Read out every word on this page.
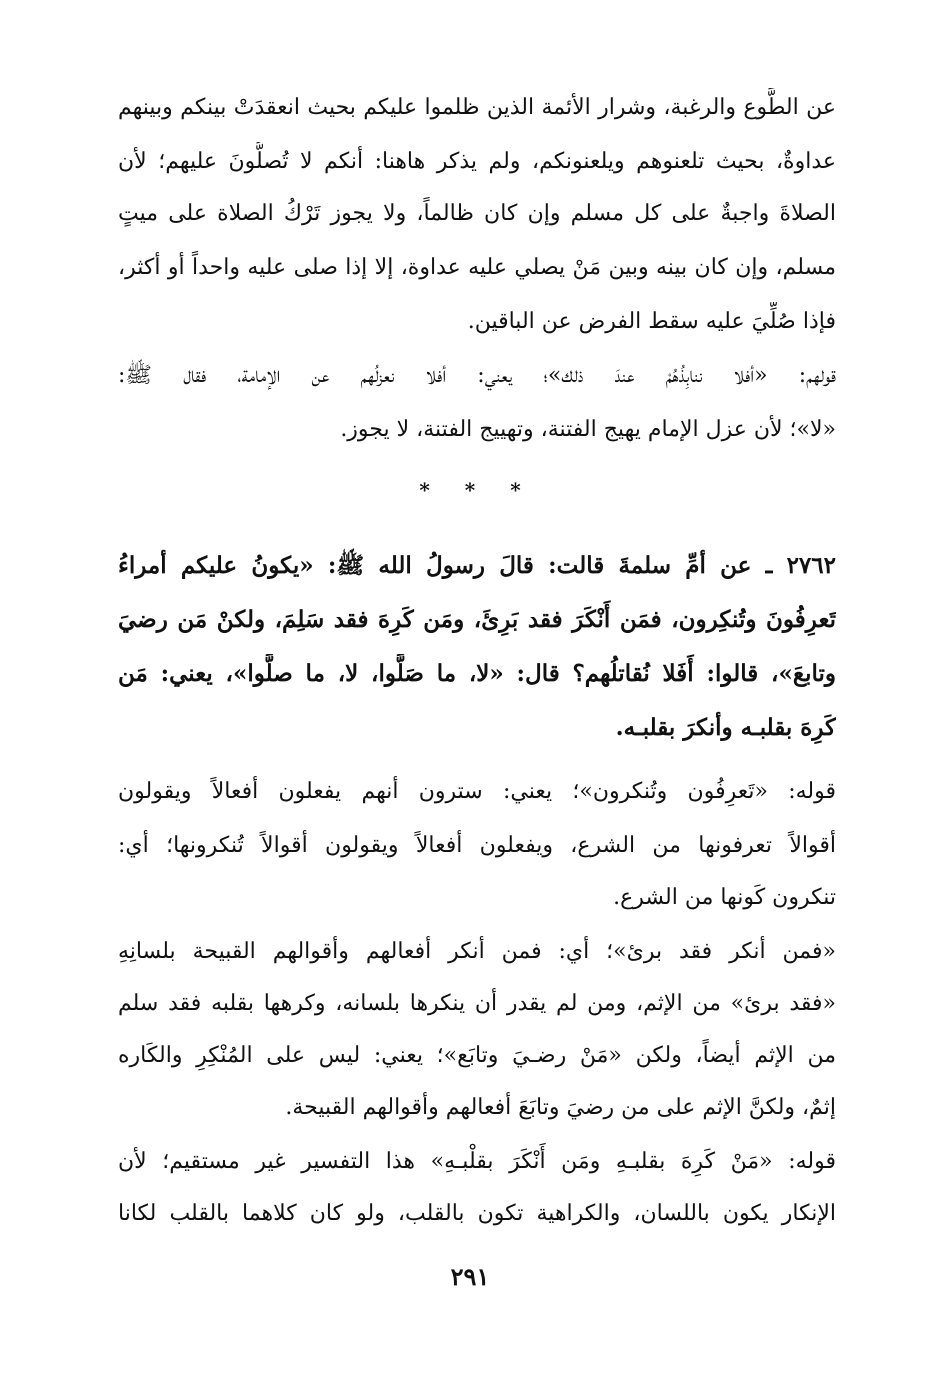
عن الطَّوع والرغبة، وشرار الأئمة الذين ظلموا عليكم بحيث انعقدَتْ بينكم وبينهم
عداوةٌ، بحيث تلعنوهم ويلعنونكم، ولم يذكر هاهنا: أنكم لا تُصلُّونَ عليهم؛ لأن
الصلاةَ واجبةٌ على كل مسلم وإن كان ظالماً، ولا يجوز تَرْكُ الصلاة على ميتٍ
مسلم، وإن كان بينه وبين مَنْ يصلي عليه عداوة، إلا إذا صلى عليه واحداً أو أكثر،
فإذا صُلِّيَ عليه سقط الفرض عن الباقين.
قولهم: «أفلا ننابِذُهُمْ عندَ ذلك»؛ يعني: أفلا نعزلُهم عن الإمامة، فقال ﷺ:
«لا»؛ لأن عزل الإمام يهيج الفتنة، وتهييج الفتنة، لا يجوز.
* * *
٢٧٦٢ ـ عن أمِّ سلمةَ قالت: قالَ رسولُ الله ﷺ: «يكونُ عليكم أمراءُ
تَعرِفُونَ وتُنكِرون، فمَن أَنْكَرَ فقد بَرِئَ، ومَن كَرِهَ فقد سَلِمَ، ولكنْ مَن رضيَ
وتابعَ»، قالوا: أَفَلا نُقاتلُهم؟ قال: «لا، ما صَلَّوا، لا، ما صلَّوا»، يعني: مَن
كَرِهَ بقلبـه وأنكرَ بقلبـه.
قوله: «تَعرِفُون وتُنكرون»؛ يعني: سترون أنهم يفعلون أفعالاً ويقولون
أقوالاً تعرفونها من الشرع، ويفعلون أفعالاً ويقولون أقوالاً تُنكرونها؛ أي:
تنكرون كَونها من الشرع.
«فمن أنكر فقد برئ»؛ أي: فمن أنكر أفعالهم وأقوالهم القبيحة بلسانِهِ
«فقد برئ» من الإثم، ومن لم يقدر أن ينكرها بلسانه، وكرهها بقلبه فقد سلم
من الإثم أيضاً، ولكن «مَنْ رضـيَ وتابَع»؛ يعني: ليس على المُنْكِرِ والكَاره
إثمٌ، ولكنَّ الإثم على من رضيَ وتابَعَ أفعالهم وأقوالهم القبيحة.
قوله: «مَنْ كَرِهَ بقلبـهِ ومَن أَنْكَرَ بقلْبـهِ» هذا التفسير غير مستقيم؛ لأن
الإنكار يكون باللسان، والكراهية تكون بالقلب، ولو كان كلاهما بالقلب لكانا
٢٩١
